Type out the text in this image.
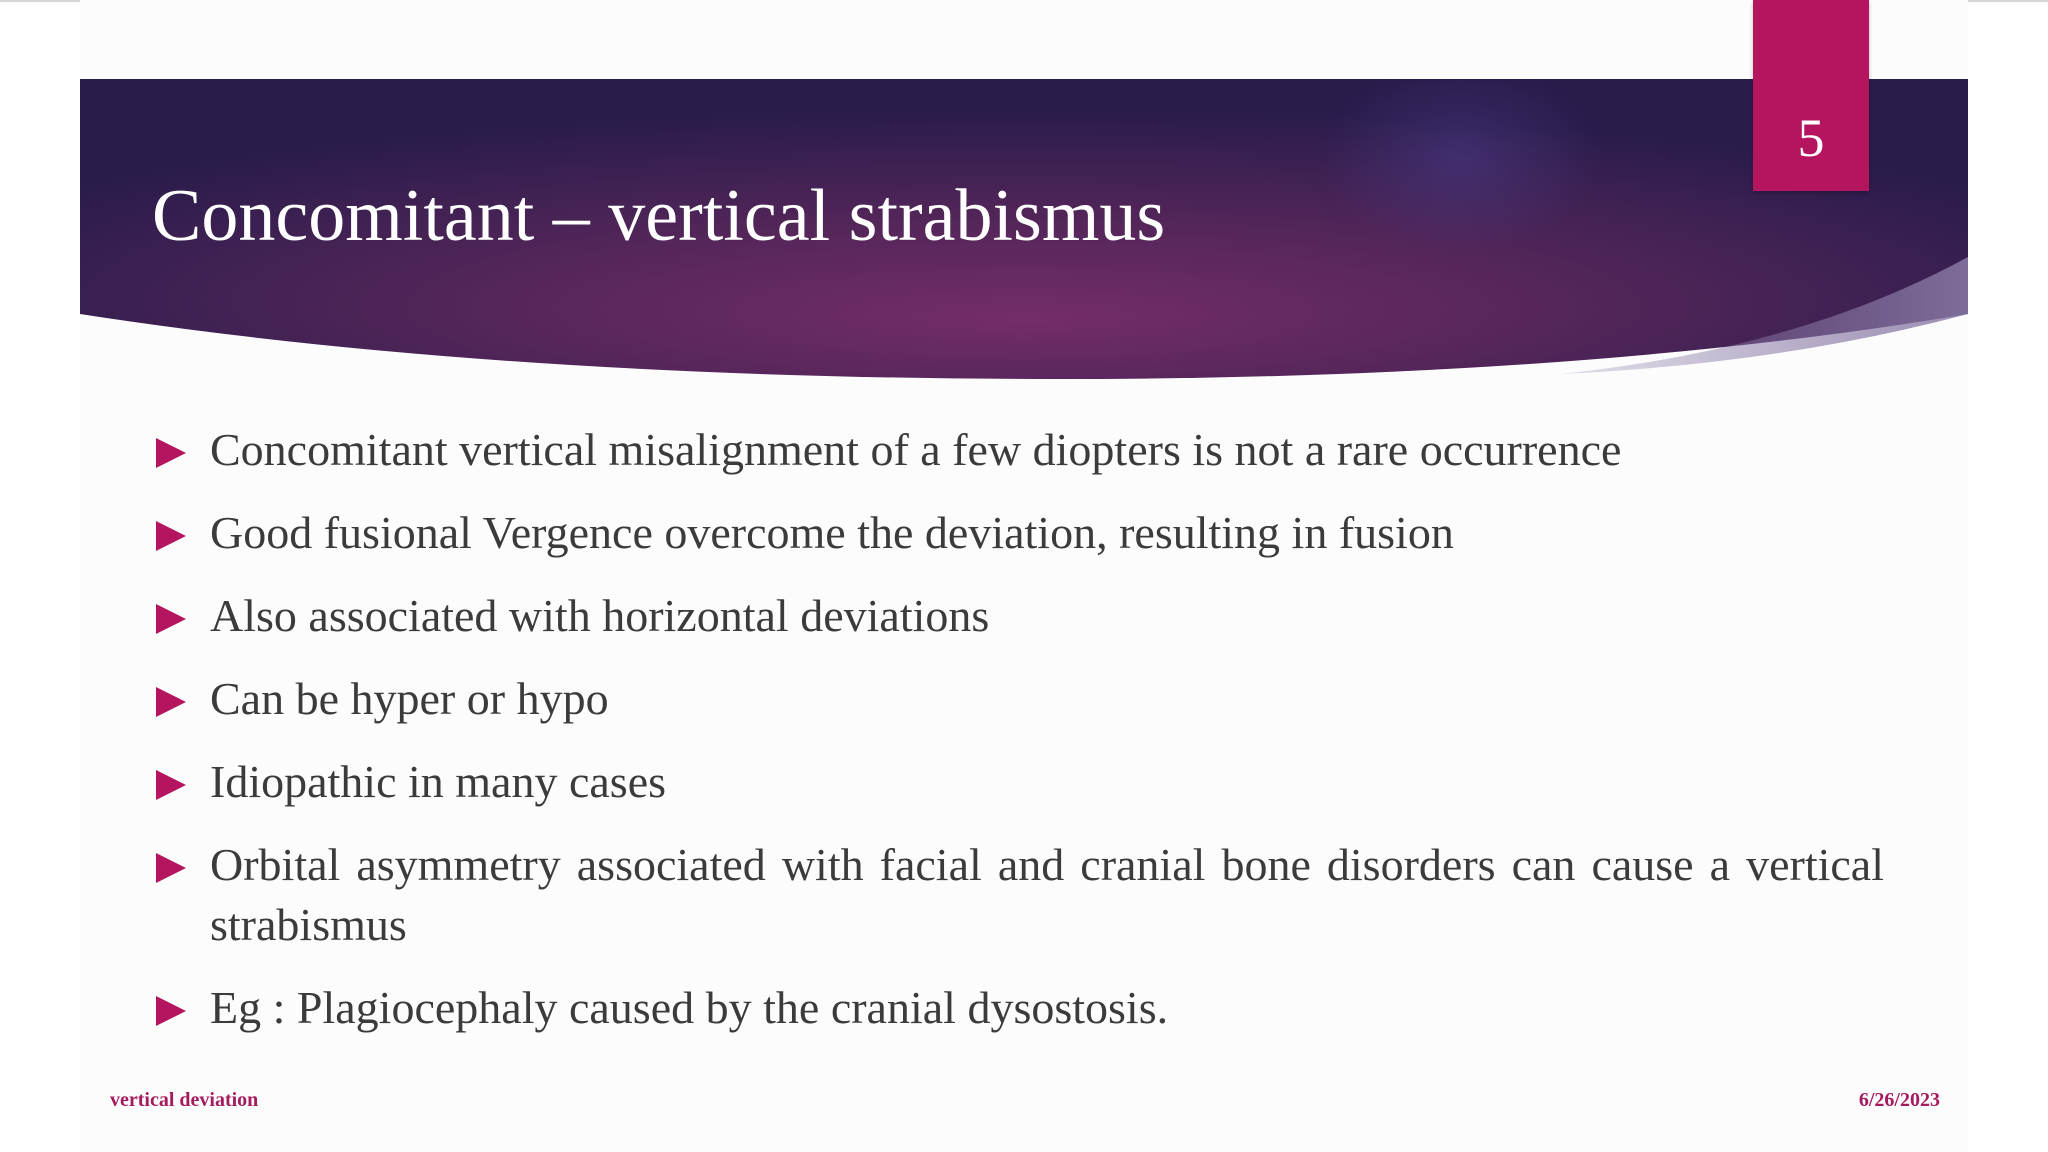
Concomitant – vertical strabismus
5
Concomitant vertical misalignment of a few diopters is not a rare occurrence
Good fusional Vergence overcome the deviation, resulting in fusion
Also associated with horizontal deviations
Can be hyper or hypo
Idiopathic in many cases
Orbital asymmetry associated with facial and cranial bone disorders can cause a vertical strabismus
Eg : Plagiocephaly caused by the cranial dysostosis.
vertical deviation	6/26/2023
